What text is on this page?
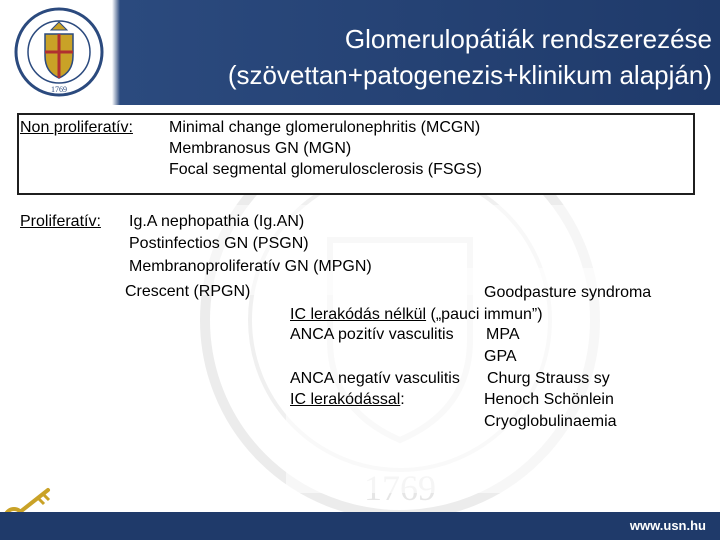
1769
Glomerulopátiák rendszerezése
(szövettan+patogenezis+klinikum alapján)
Non proliferatív: Minimal change glomerulonephritis (MCGN)
Membranosus GN (MGN)
Focal segmental glomerulosclerosis (FSGS)
Proliferatív: Ig.A nephopathia (Ig.AN)
Postinfectios GN (PSGN)
Membranoproliferatív GN (MPGN)
Crescent (RPGN)	Goodpasture syndroma
IC lerakódás nélkül („pauci immun”)
ANCA pozitív vasculitis MPA
GPA
ANCA negatív vasculitis Churg Strauss sy
IC lerakódással:	Henoch Schönlein
Cryoglobulinaemia
www.usn.hu
